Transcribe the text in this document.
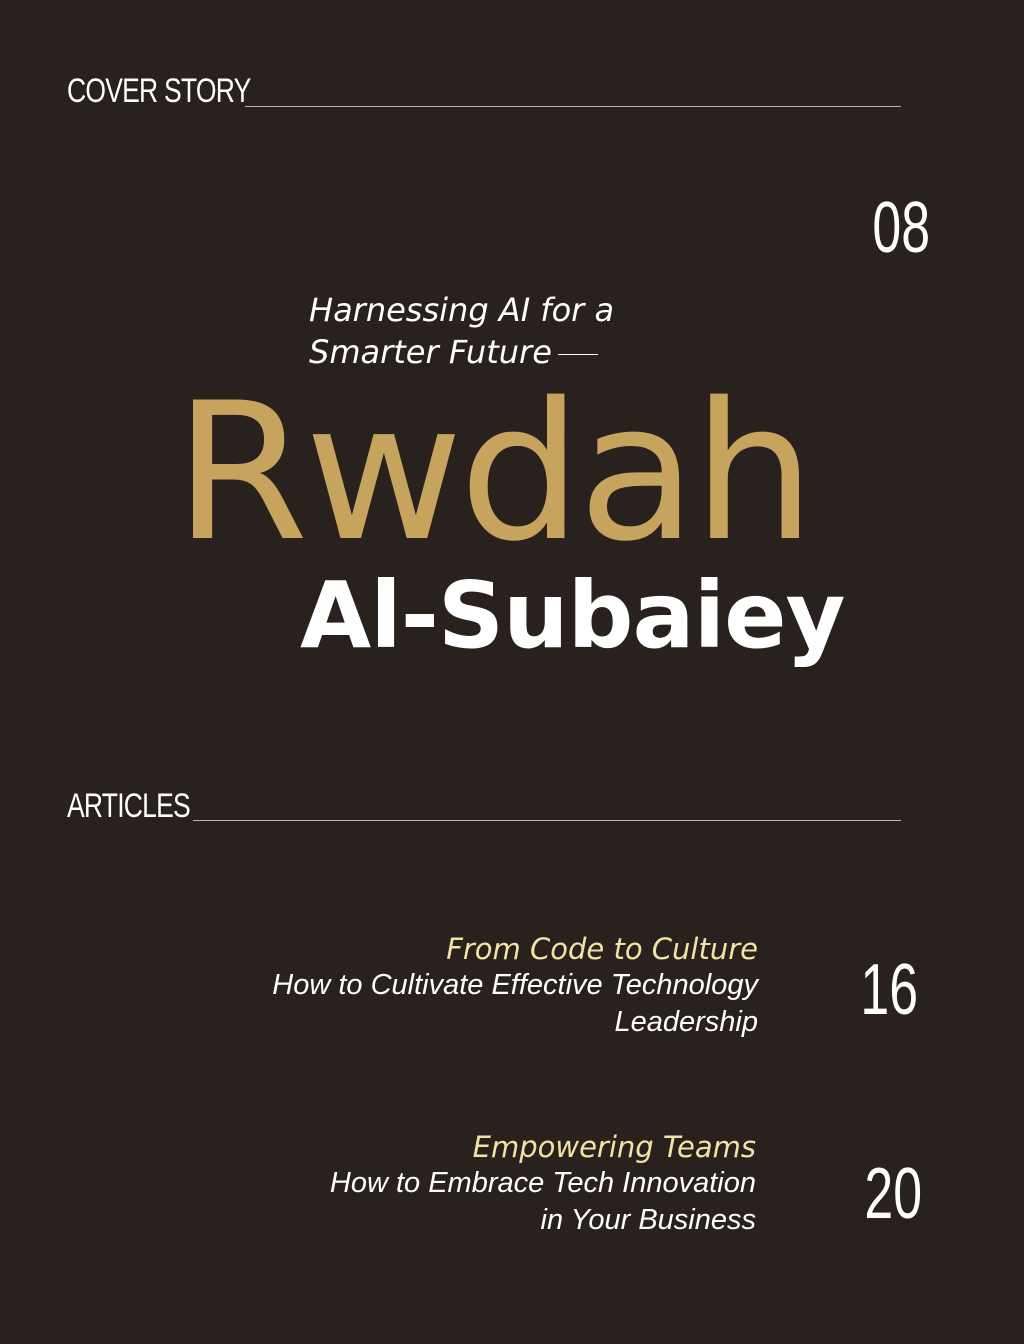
COVER STORY
08
Harnessing AI for a
Smarter Future
Rwdah
Al-Subaiey
ARTICLES
From Code to Culture
How to Cultivate Effective Technology
Leadership 16
Empowering Teams
How to Embrace Tech Innovation
in Your Business 20
